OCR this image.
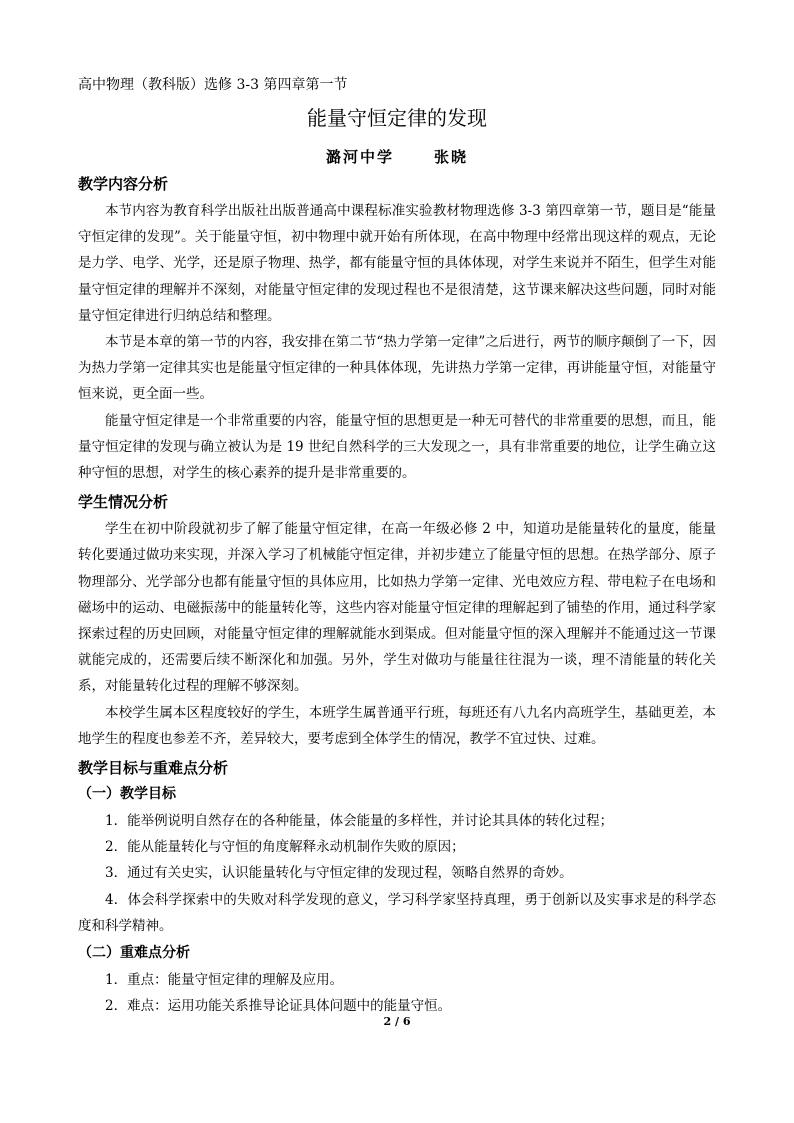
高中物理（教科版）选修 3-3 第四章第一节
能量守恒定律的发现
潞河中学	张晓
教学内容分析

本节内容为教育科学出版社出版普通高中课程标准实验教材物理选修 3-3 第四章第一节，题目是“能量守恒定律的发现”。关于能量守恒，初中物理中就开始有所体现，在高中物理中经常出现这样的观点，无论是力学、电学、光学，还是原子物理、热学，都有能量守恒的具体体现，对学生来说并不陌生，但学生对能量守恒定律的理解并不深刻，对能量守恒定律的发现过程也不是很清楚，这节课来解决这些问题，同时对能量守恒定律进行归纳总结和整理。

本节是本章的第一节的内容，我安排在第二节“热力学第一定律”之后进行，两节的顺序颠倒了一下，因为热力学第一定律其实也是能量守恒定律的一种具体体现，先讲热力学第一定律，再讲能量守恒，对能量守恒来说，更全面一些。

能量守恒定律是一个非常重要的内容，能量守恒的思想更是一种无可替代的非常重要的思想，而且，能量守恒定律的发现与确立被认为是 19 世纪自然科学的三大发现之一，具有非常重要的地位，让学生确立这种守恒的思想，对学生的核心素养的提升是非常重要的。

学生情况分析

学生在初中阶段就初步了解了能量守恒定律，在高一年级必修 2 中，知道功是能量转化的量度，能量转化要通过做功来实现，并深入学习了机械能守恒定律，并初步建立了能量守恒的思想。在热学部分、原子物理部分、光学部分也都有能量守恒的具体应用，比如热力学第一定律、光电效应方程、带电粒子在电场和磁场中的运动、电磁振荡中的能量转化等，这些内容对能量守恒定律的理解起到了铺垫的作用，通过科学家探索过程的历史回顾，对能量守恒定律的理解就能水到渠成。但对能量守恒的深入理解并不能通过这一节课就能完成的，还需要后续不断深化和加强。另外，学生对做功与能量往往混为一谈，理不清能量的转化关系，对能量转化过程的理解不够深刻。

本校学生属本区程度较好的学生，本班学生属普通平行班，每班还有八九名内高班学生，基础更差，本地学生的程度也参差不齐，差异较大，要考虑到全体学生的情况，教学不宜过快、过难。

教学目标与重难点分析
（一）教学目标
1．能举例说明自然存在的各种能量，体会能量的多样性，并讨论其具体的转化过程；
2．能从能量转化与守恒的角度解释永动机制作失败的原因；
3．通过有关史实，认识能量转化与守恒定律的发现过程，领略自然界的奇妙。
4．体会科学探索中的失败对科学发现的意义，学习科学家坚持真理，勇于创新以及实事求是的科学态度和科学精神。
（二）重难点分析
1．重点：能量守恒定律的理解及应用。
2．难点：运用功能关系推导论证具体问题中的能量守恒。
2 / 6
